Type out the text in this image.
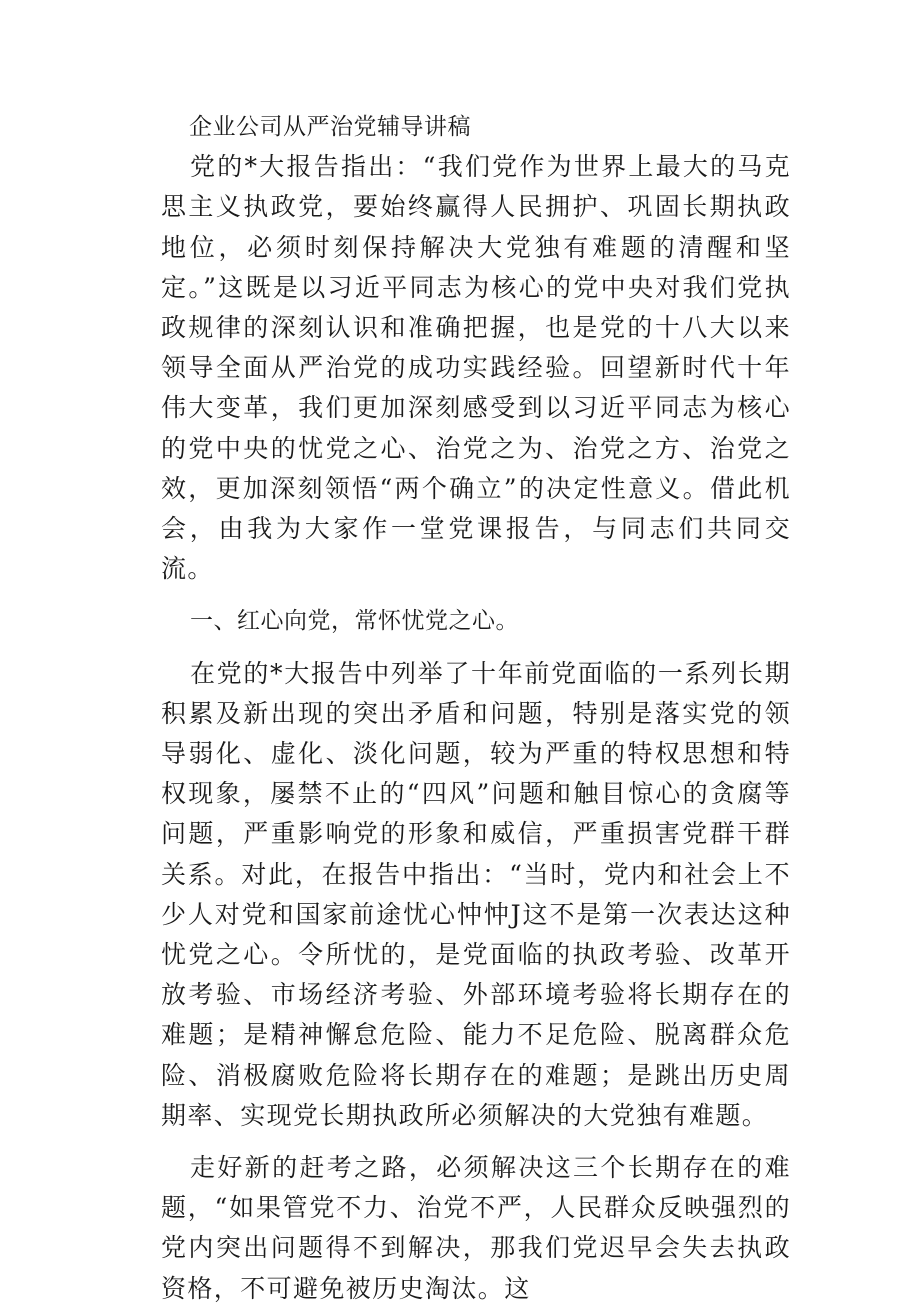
企业公司从严治党辅导讲稿

党的*大报告指出：“我们党作为世界上最大的马克思主义执政党，要始终赢得人民拥护、巩固长期执政地位，必须时刻保持解决大党独有难题的清醒和坚定。”这既是以习近平同志为核心的党中央对我们党执政规律的深刻认识和准确把握，也是党的十八大以来领导全面从严治党的成功实践经验。回望新时代十年伟大变革，我们更加深刻感受到以习近平同志为核心的党中央的忧党之心、治党之为、治党之方、治党之效，更加深刻领悟“两个确立”的决定性意义。借此机会，由我为大家作一堂党课报告，与同志们共同交流。

一、红心向党，常怀忧党之心。

在党的*大报告中列举了十年前党面临的一系列长期积累及新出现的突出矛盾和问题，特别是落实党的领导弱化、虚化、淡化问题，较为严重的特权思想和特权现象，屡禁不止的“四风”问题和触目惊心的贪腐等问题，严重影响党的形象和威信，严重损害党群干群关系。对此，在报告中指出：“当时，党内和社会上不少人对党和国家前途忧心忡忡J这不是第一次表达这种忧党之心。令所忧的，是党面临的执政考验、改革开放考验、市场经济考验、外部环境考验将长期存在的难题；是精神懈怠危险、能力不足危险、脱离群众危险、消极腐败危险将长期存在的难题；是跳出历史周期率、实现党长期执政所必须解决的大党独有难题。

走好新的赶考之路，必须解决这三个长期存在的难题，“如果管党不力、治党不严，人民群众反映强烈的党内突出问题得不到解决，那我们党迟早会失去执政资格，不可避免被历史淘汰。这
